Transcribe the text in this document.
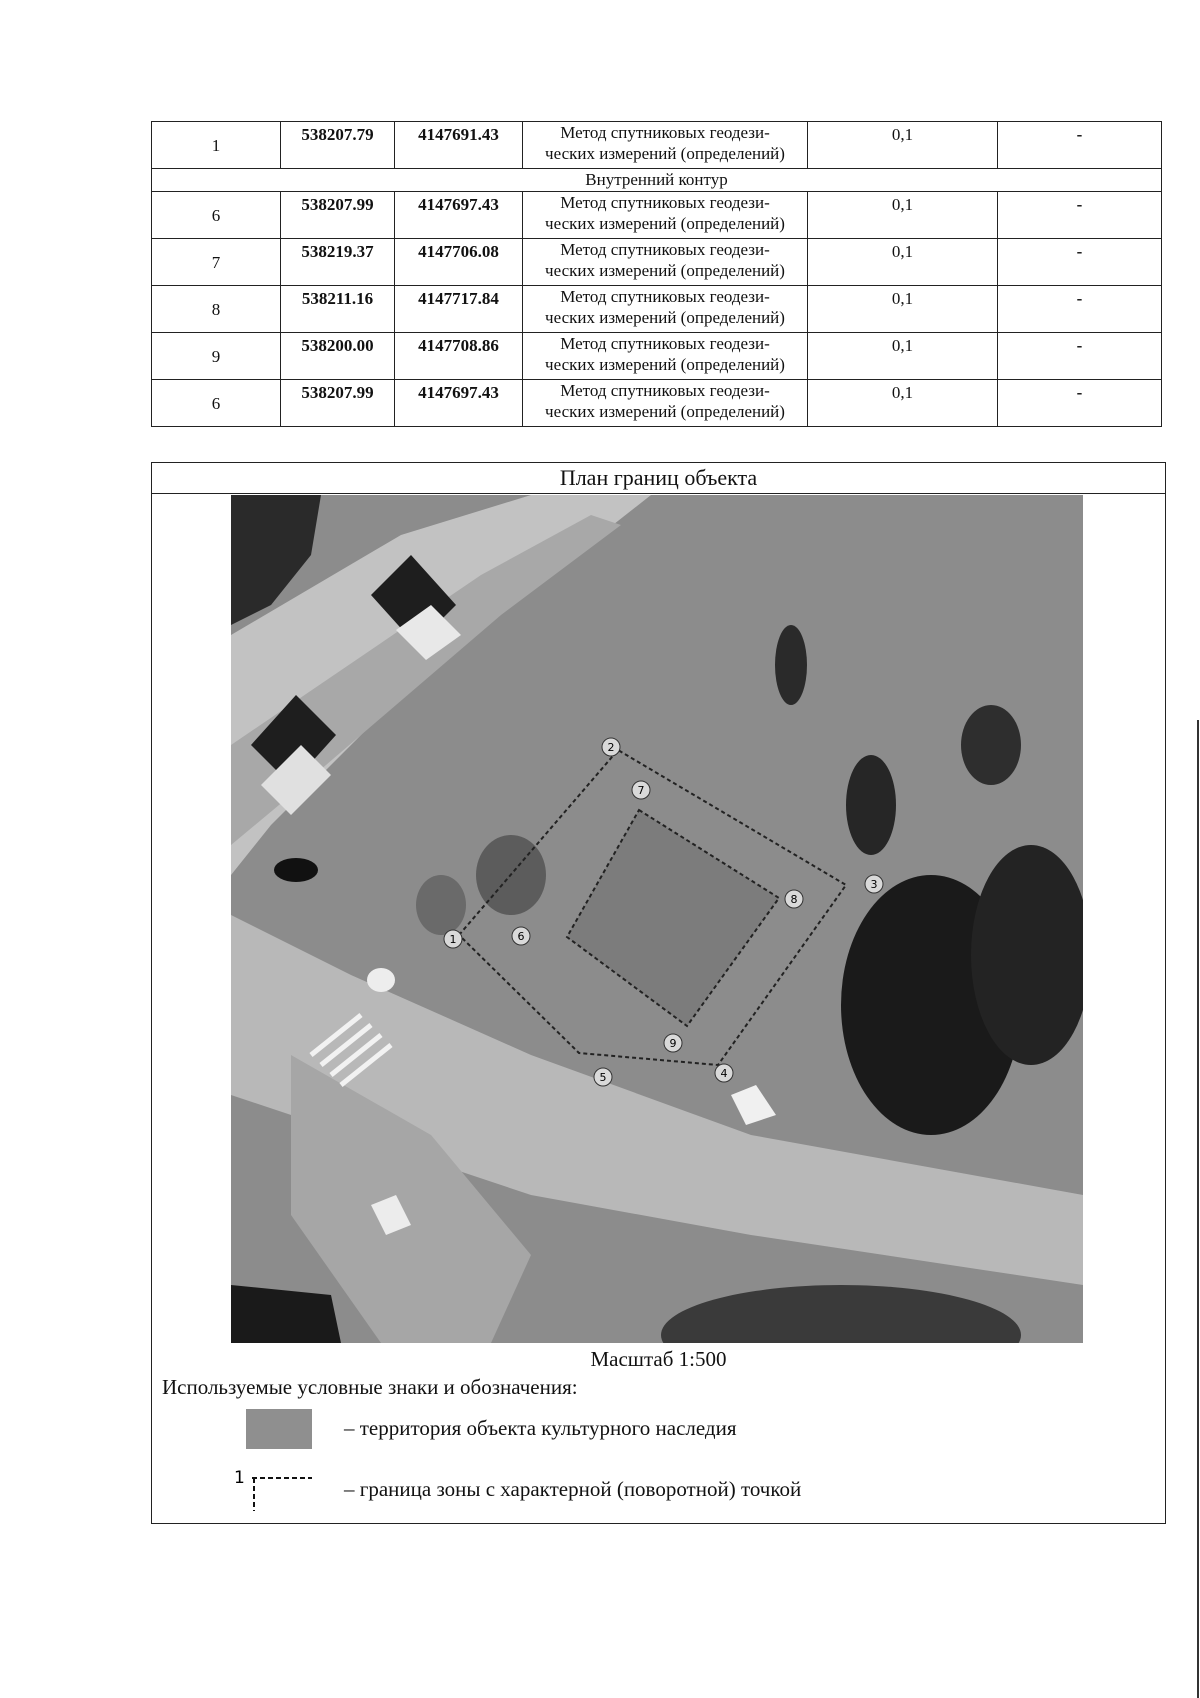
1	538207.79	4147691.43	Метод спутниковых геодези-
ческих измерений (определений)	0,1	-
Внутренний контур					
6	538207.99	4147697.43	Метод спутниковых геодези-
ческих измерений (определений)	0,1	-
7	538219.37	4147706.08	Метод спутниковых геодези-
ческих измерений (определений)	0,1	-
8	538211.16	4147717.84	Метод спутниковых геодези-
ческих измерений (определений)	0,1	-
9	538200.00	4147708.86	Метод спутниковых геодези-
ческих измерений (определений)	0,1	-
6	538207.99	4147697.43	Метод спутниковых геодези-
ческих измерений (определений)	0,1	-
План границ объекта
1
2
3
4
5
6
7
8
9
Масштаб 1:500
Используемые условные знаки и обозначения:
– территория объекта культурного наследия
1	– граница зоны с характерной (поворотной) точкой
